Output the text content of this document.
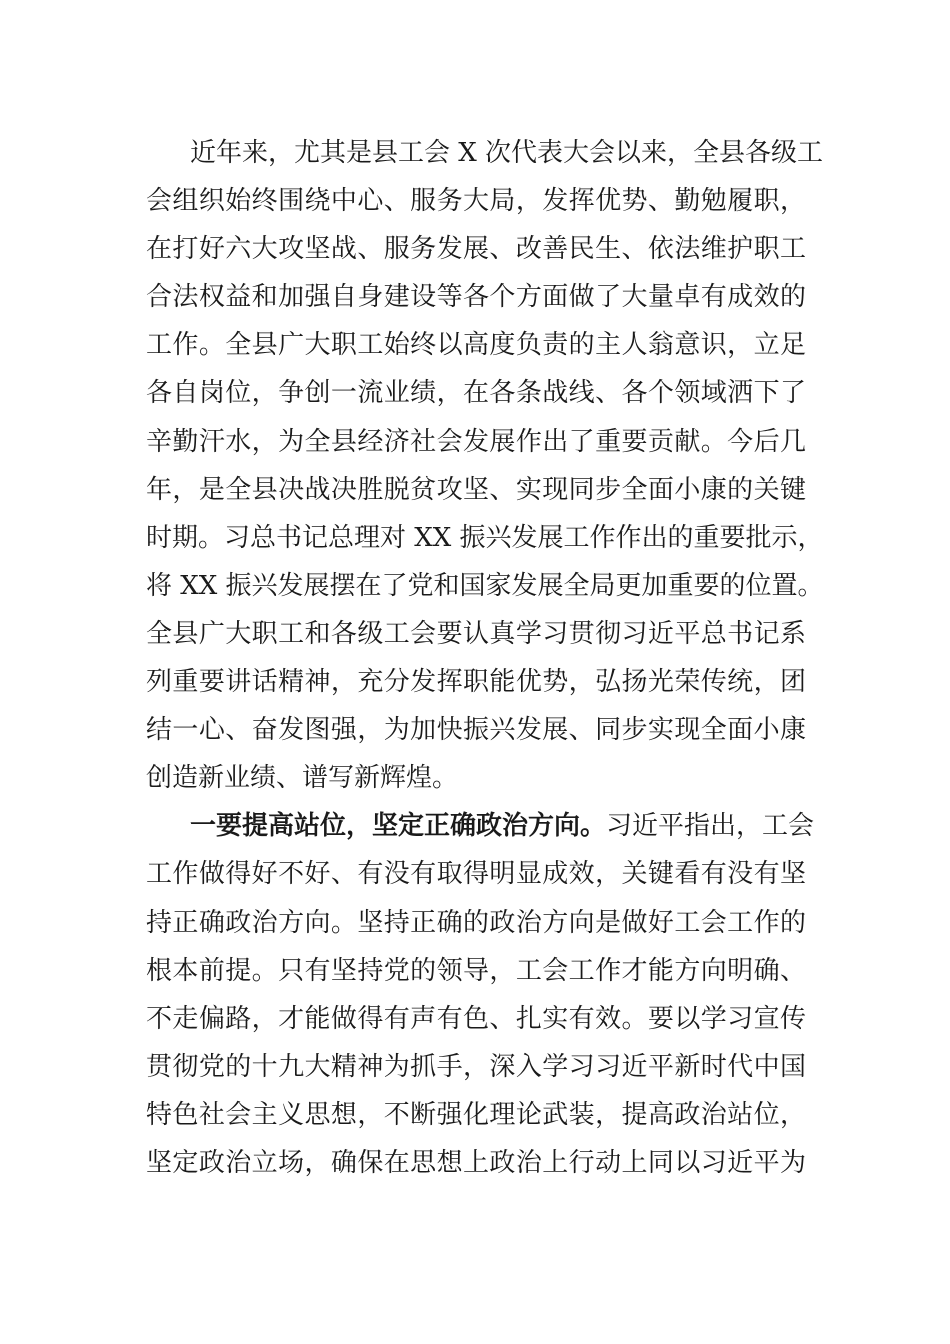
近年来，尤其是县工会 X 次代表大会以来，全县各级工
会组织始终围绕中心、服务大局，发挥优势、勤勉履职，
在打好六大攻坚战、服务发展、改善民生、依法维护职工
合法权益和加强自身建设等各个方面做了大量卓有成效的
工作。全县广大职工始终以高度负责的主人翁意识，立足
各自岗位，争创一流业绩，在各条战线、各个领域洒下了
辛勤汗水，为全县经济社会发展作出了重要贡献。今后几
年，是全县决战决胜脱贫攻坚、实现同步全面小康的关键
时期。习总书记总理对 XX 振兴发展工作作出的重要批示，
将 XX 振兴发展摆在了党和国家发展全局更加重要的位置。
全县广大职工和各级工会要认真学习贯彻习近平总书记系
列重要讲话精神，充分发挥职能优势，弘扬光荣传统，团
结一心、奋发图强，为加快振兴发展、同步实现全面小康
创造新业绩、谱写新辉煌。
一要提高站位，坚定正确政治方向。习近平指出，工会
工作做得好不好、有没有取得明显成效，关键看有没有坚
持正确政治方向。坚持正确的政治方向是做好工会工作的
根本前提。只有坚持党的领导，工会工作才能方向明确、
不走偏路，才能做得有声有色、扎实有效。要以学习宣传
贯彻党的十九大精神为抓手，深入学习习近平新时代中国
特色社会主义思想，不断强化理论武装，提高政治站位，
坚定政治立场，确保在思想上政治上行动上同以习近平为
